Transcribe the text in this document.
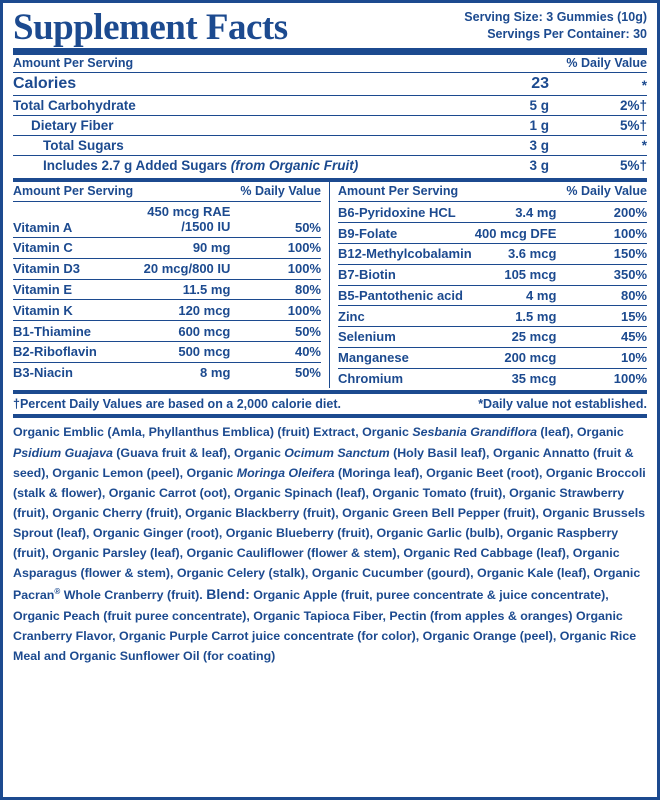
Supplement Facts	Serving Size: 3 Gummies (10g)
Servings Per Container: 30
Amount Per Serving		% Daily Value
Calories	23	*
Total Carbohydrate	5 g	2%†
Dietary Fiber	1 g	5%†
Total Sugars	3 g	*
Includes 2.7 g Added Sugars (from Organic Fruit)	3 g	5%†
Amount Per Serving		% Daily Value
Vitamin A	450 mcg RAE
/1500 IU	50%
Vitamin C	90 mg	100%
Vitamin D3	20 mcg/800 IU	100%
Vitamin E	11.5 mg	80%
Vitamin K	120 mcg	100%
B1-Thiamine	600 mcg	50%
B2-Riboflavin	500 mcg	40%
B3-Niacin	8 mg	50%
Amount Per Serving		% Daily Value
B6-Pyridoxine HCL	3.4 mg	200%
B9-Folate	400 mcg DFE	100%
B12-Methylcobalamin	3.6 mcg	150%
B7-Biotin	105 mcg	350%
B5-Pantothenic acid	4 mg	80%
Zinc	1.5 mg	15%
Selenium	25 mcg	45%
Manganese	200 mcg	10%
Chromium	35 mcg	100%
†Percent Daily Values are based on a 2,000 calorie diet.	*Daily value not established.
Organic Emblic (Amla, Phyllanthus Emblica) (fruit) Extract, Organic Sesbania Grandiflora (leaf), Organic Psidium Guajava (Guava fruit & leaf), Organic Ocimum Sanctum (Holy Basil leaf), Organic Annatto (fruit & seed), Organic Lemon (peel), Organic Moringa Oleifera (Moringa leaf), Organic Beet (root), Organic Broccoli (stalk & flower), Organic Carrot (oot), Organic Spinach (leaf), Organic Tomato (fruit), Organic Strawberry (fruit), Organic Cherry (fruit), Organic Blackberry (fruit), Organic Green Bell Pepper (fruit), Organic Brussels Sprout (leaf), Organic Ginger (root), Organic Blueberry (fruit), Organic Garlic (bulb), Organic Raspberry (fruit), Organic Parsley (leaf), Organic Cauliflower (flower & stem), Organic Red Cabbage (leaf), Organic Asparagus (flower & stem), Organic Celery (stalk), Organic Cucumber (gourd), Organic Kale (leaf), Organic Pacran® Whole Cranberry (fruit). Blend: Organic Apple (fruit, puree concentrate & juice concentrate), Organic Peach (fruit puree concentrate), Organic Tapioca Fiber, Pectin (from apples & oranges) Organic Cranberry Flavor, Organic Purple Carrot juice concentrate (for color), Organic Orange (peel), Organic Rice Meal and Organic Sunflower Oil (for coating)
